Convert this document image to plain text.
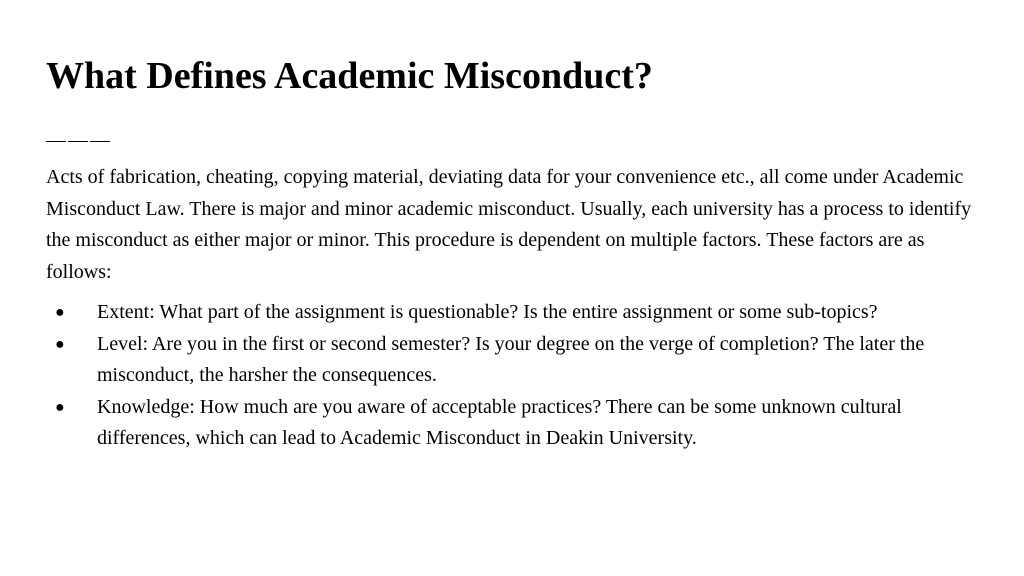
What Defines Academic Misconduct?
———

Acts of fabrication, cheating, copying material, deviating data for your convenience etc., all come under Academic Misconduct Law. There is major and minor academic misconduct. Usually, each university has a process to identify the misconduct as either major or minor. This procedure is dependent on multiple factors. These factors are as follows:

● Extent: What part of the assignment is questionable? Is the entire assignment or some sub-topics?
● Level: Are you in the first or second semester? Is your degree on the verge of completion? The later the misconduct, the harsher the consequences.
● Knowledge: How much are you aware of acceptable practices? There can be some unknown cultural differences, which can lead to Academic Misconduct in Deakin University.
